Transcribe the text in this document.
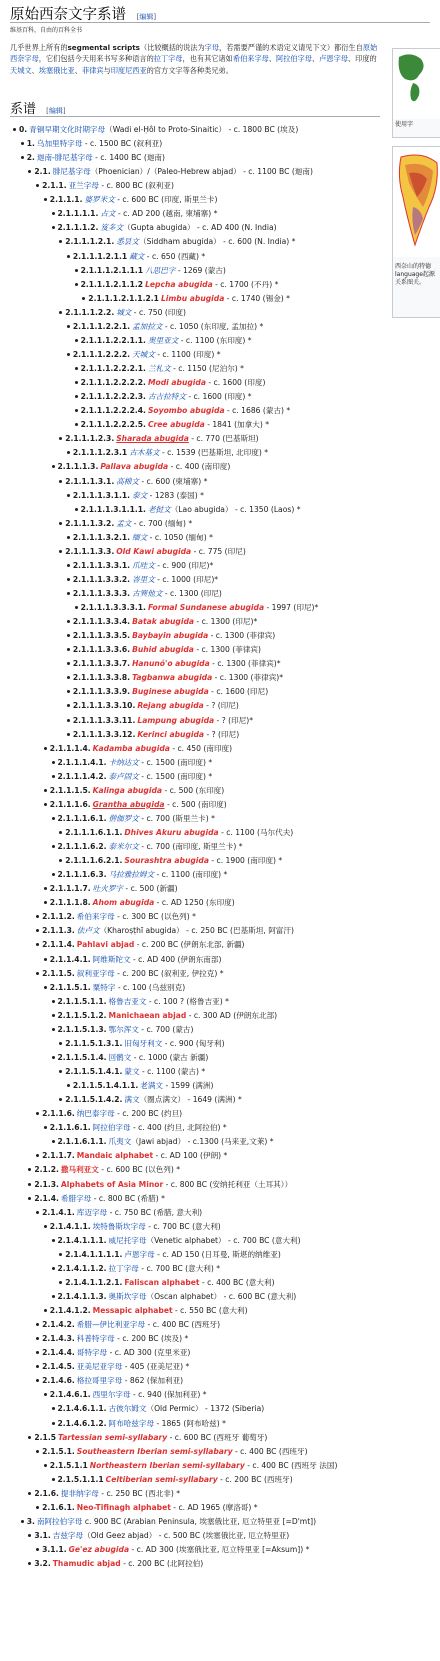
原始西奈文字系谱 [编辑]
维基百科，自由的百科全书
几乎世界上所有的segmental scripts（比较概括的说法为字母，若需要严谨的术语定义请见下文）都衍生自原始西奈字母，它们包括今天用来书写多种语言的拉丁字母，也有其它诸如希伯来字母、阿拉伯字母、卢恩字母、印度的天城文、埃塞俄比亚、菲律宾与印度尼西亚的官方文字等各种类兄弟。
系谱 [编辑]
使用字
西奈山的特德language起源关系图关。
0. 青铜早期文化时期字母（Wadi el-Ḥôl to Proto-Sinaitic） - c. 1800 BC (埃及)
1. 乌加里特字母 - c. 1500 BC (叙利亚)
2. 迦南-腓尼基字母 - c. 1400 BC (迦南)
2.1. 腓尼基字母（Phoenician）/（Paleo-Hebrew abjad） - c. 1100 BC (迦南)
2.1.1. 亚兰字母 - c. 800 BC (叙利亚)
2.1.1.1. 婆罗米文 - c. 600 BC (印度, 斯里兰卡)
2.1.1.1.1. 占文 - c. AD 200 (越南, 柬埔寨) *
2.1.1.1.2. 笈多文（Gupta abugida） - c. AD 400 (N. India)
2.1.1.1.2.1. 悉昙文（Siddham abugida） - c. 600 (N. India) *
2.1.1.1.2.1.1 藏文 - c. 650 (西藏) *
2.1.1.1.2.1.1.1 八思巴字 - 1269 (蒙古)
2.1.1.1.2.1.1.2 Lepcha abugida - c. 1700 (不丹) *
2.1.1.1.2.1.1.2.1 Limbu abugida - c. 1740 (锡金) *
2.1.1.1.2.2. 城文 - c. 750 (印度)
2.1.1.1.2.2.1. 孟加拉文 - c. 1050 (东印度, 孟加拉) *
2.1.1.1.2.2.1.1. 奥里亚文 - c. 1100 (东印度) *
2.1.1.1.2.2.2. 天城文 - c. 1100 (印度) *
2.1.1.1.2.2.2.1. 兰札文 - c. 1150 (尼泊尔) *
2.1.1.1.2.2.2.2. Modi abugida - c. 1600 (印度)
2.1.1.1.2.2.2.3. 古吉拉特文 - c. 1600 (印度) *
2.1.1.1.2.2.2.4. Soyombo abugida - c. 1686 (蒙古) *
2.1.1.1.2.2.2.5. Cree abugida - 1841 (加拿大) *
2.1.1.1.2.3. Sharada abugida - c. 770 (巴基斯坦)
2.1.1.1.2.3.1 古木基文 - c. 1539 (巴基斯坦, 北印度) *
2.1.1.1.3. Pallava abugida - c. 400 (南印度)
2.1.1.1.3.1. 高棉文 - c. 600 (柬埔寨) *
2.1.1.1.3.1.1. 泰文 - 1283 (泰国) *
2.1.1.1.3.1.1.1. 老挝文（Lao abugida） - c. 1350 (Laos) *
2.1.1.1.3.2. 孟文 - c. 700 (缅甸) *
2.1.1.1.3.2.1. 缅文 - c. 1050 (缅甸) *
2.1.1.1.3.3. Old Kawi abugida - c. 775 (印尼)
2.1.1.1.3.3.1. 爪哇文 - c. 900 (印尼)*
2.1.1.1.3.3.2. 峇里文 - c. 1000 (印尼)*
2.1.1.1.3.3.3. 古巽他文 - c. 1300 (印尼)
2.1.1.1.3.3.3.1. Formal Sundanese abugida - 1997 (印尼)*
2.1.1.1.3.3.4. Batak abugida - c. 1300 (印尼)*
2.1.1.1.3.3.5. Baybayin abugida - c. 1300 (菲律宾)
2.1.1.1.3.3.6. Buhid abugida - c. 1300 (菲律宾)
2.1.1.1.3.3.7. Hanunó'o abugida - c. 1300 (菲律宾)*
2.1.1.1.3.3.8. Tagbanwa abugida - c. 1300 (菲律宾)*
2.1.1.1.3.3.9. Buginese abugida - c. 1600 (印尼)
2.1.1.1.3.3.10. Rejang abugida - ? (印尼)
2.1.1.1.3.3.11. Lampung abugida - ? (印尼)*
2.1.1.1.3.3.12. Kerinci abugida - ? (印尼)
2.1.1.1.4. Kadamba abugida - c. 450 (南印度)
2.1.1.1.4.1. 卡纳达文 - c. 1500 (南印度) *
2.1.1.1.4.2. 泰卢固文 - c. 1500 (南印度) *
2.1.1.1.5. Kalinga abugida - c. 500 (东印度)
2.1.1.1.6. Grantha abugida - c. 500 (南印度)
2.1.1.1.6.1. 僧伽罗文 - c. 700 (斯里兰卡) *
2.1.1.1.6.1.1. Dhives Akuru abugida - c. 1100 (马尔代夫)
2.1.1.1.6.2. 泰米尔文 - c. 700 (南印度, 斯里兰卡) *
2.1.1.1.6.2.1. Sourashtra abugida - c. 1900 (南印度) *
2.1.1.1.6.3. 马拉雅拉姆文 - c. 1100 (南印度) *
2.1.1.1.7. 吐火罗字 - c. 500 (新疆)
2.1.1.1.8. Ahom abugida - c. AD 1250 (东印度)
2.1.1.2. 希伯来字母 - c. 300 BC (以色列) *
2.1.1.3. 佉卢文（Kharoṣṭhī abugida） - c. 250 BC (巴基斯坦, 阿富汗)
2.1.1.4. Pahlavi abjad - c. 200 BC (伊朗东北部, 新疆)
2.1.1.4.1. 阿维斯陀文 - c. AD 400 (伊朗东南部)
2.1.1.5. 叙利亚字母 - c. 200 BC (叙利亚, 伊拉克) *
2.1.1.5.1. 粟特字 - c. 100 (乌兹别克)
2.1.1.5.1.1. 格鲁吉亚文 - c. 100 ? (格鲁吉亚) *
2.1.1.5.1.2. Manichaean abjad - c. 300 AD (伊朗东北部)
2.1.1.5.1.3. 鄂尔浑文 - c. 700 (蒙古)
2.1.1.5.1.3.1. 旧匈牙利文 - c. 900 (匈牙利)
2.1.1.5.1.4. 回鹘文 - c. 1000 (蒙古 新疆)
2.1.1.5.1.4.1. 蒙文 - c. 1100 (蒙古) *
2.1.1.5.1.4.1.1. 老满文 - 1599 (满洲)
2.1.1.5.1.4.2. 满文（圈点满文） - 1649 (满洲) *
2.1.1.6. 纳巴泰字母 - c. 200 BC (约旦)
2.1.1.6.1. 阿拉伯字母 - c. 400 (约旦, 北阿拉伯) *
2.1.1.6.1.1. 爪夷文（Jawi abjad） - c.1300 (马来亚,文莱) *
2.1.1.7. Mandaic alphabet - c. AD 100 (伊朗) *
2.1.2. 撒马利亚文 - c. 600 BC (以色列) *
2.1.3. Alphabets of Asia Minor - c. 800 BC (安纳托利亚（土耳其））
2.1.4. 希腊字母 - c. 800 BC (希腊) *
2.1.4.1. 库迈字母 - c. 750 BC (希腊, 意大利)
2.1.4.1.1. 埃特鲁斯坎字母 - c. 700 BC (意大利)
2.1.4.1.1.1. 威尼托字母（Venetic alphabet） - c. 700 BC (意大利)
2.1.4.1.1.1.1. 卢恩字母 - c. AD 150 (日耳曼, 斯堪的纳维亚)
2.1.4.1.1.2. 拉丁字母 - c. 700 BC (意大利) *
2.1.4.1.1.2.1. Faliscan alphabet - c. 400 BC (意大利)
2.1.4.1.1.3. 奥斯坎字母（Oscan alphabet） - c. 600 BC (意大利)
2.1.4.1.2. Messapic alphabet - c. 550 BC (意大利)
2.1.4.2. 希腊—伊比利亚字母 - c. 400 BC (西班牙)
2.1.4.3. 科普特字母 - c. 200 BC (埃及) *
2.1.4.4. 哥特字母 - c. AD 300 (克里米亚)
2.1.4.5. 亚美尼亚字母 - 405 (亚美尼亚) *
2.1.4.6. 格拉哥里字母 - 862 (保加利亚)
2.1.4.6.1. 西里尔字母 - c. 940 (保加利亚) *
2.1.4.6.1.1. 古彼尔姆文（Old Permic） - 1372 (Siberia)
2.1.4.6.1.2. 阿布哈兹字母 - 1865 (阿布哈兹) *
2.1.5 Tartessian semi-syllabary - c. 600 BC (西班牙 葡萄牙)
2.1.5.1. Southeastern Iberian semi-syllabary - c. 400 BC (西班牙)
2.1.5.1.1 Northeastern Iberian semi-syllabary - c. 400 BC (西班牙 法国)
2.1.5.1.1.1 Celtiberian semi-syllabary - c. 200 BC (西班牙)
2.1.6. 提非纳字母 - c. 250 BC (西北非) *
2.1.6.1. Neo-Tifinagh alphabet - c. AD 1965 (摩洛哥) *
3. 南阿拉伯字母 c. 900 BC (Arabian Peninsula, 埃塞俄比亚, 厄立特里亚 [=D'mt])
3.1. 吉兹字母（Old Geez abjad） - c. 500 BC (埃塞俄比亚, 厄立特里亚)
3.1.1. Ge'ez abugida - c. AD 300 (埃塞俄比亚, 厄立特里亚 [=Aksum]) *
3.2. Thamudic abjad - c. 200 BC (北阿拉伯)
